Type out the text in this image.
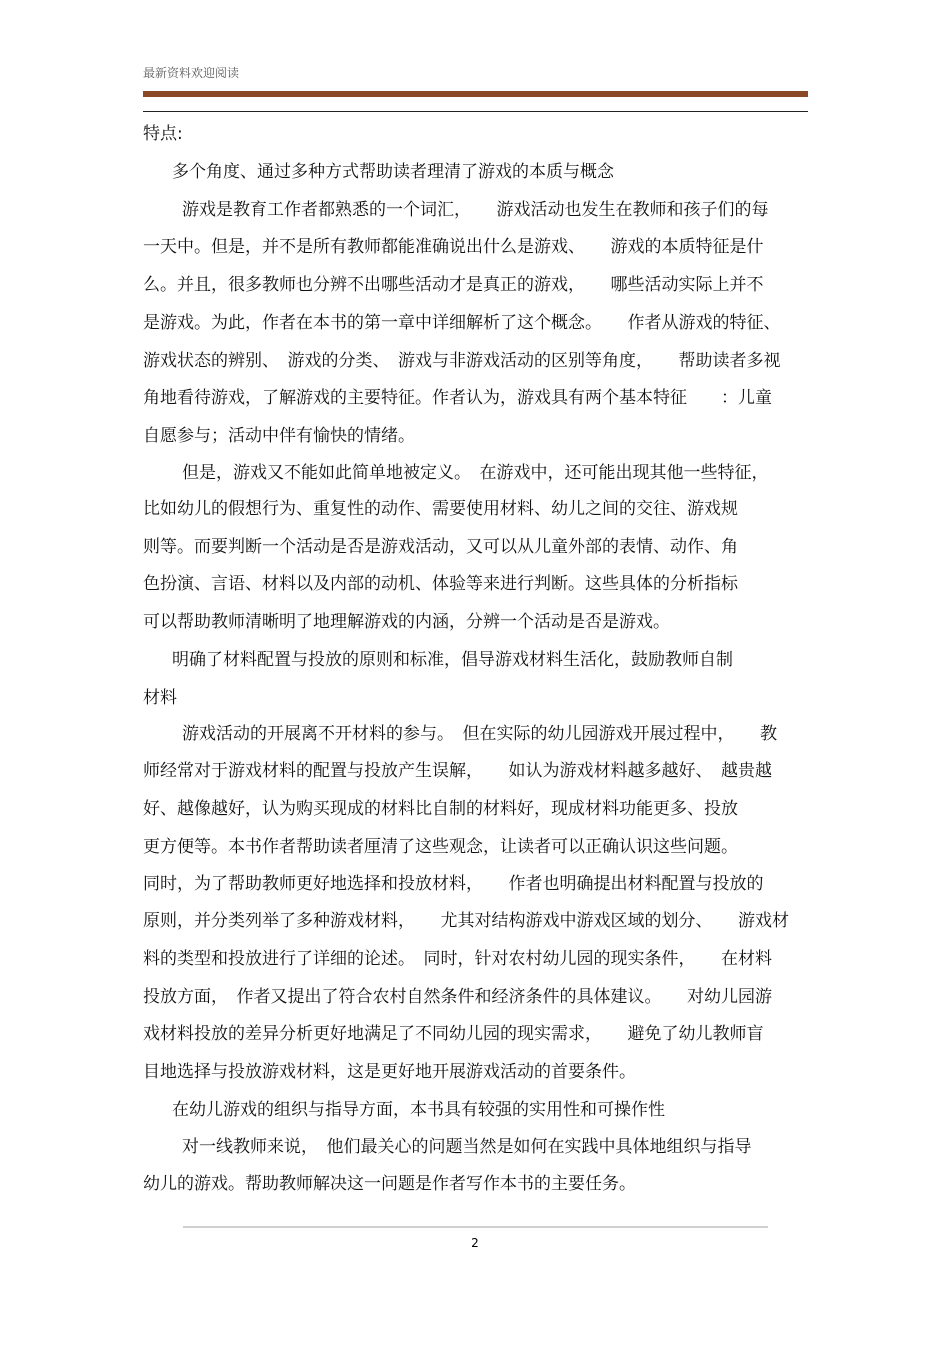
最新资料欢迎阅读
特点:
多个角度、通过多种方式帮助读者理清了游戏的本质与概念
游戏是教育工作者都熟悉的一个词汇，　　游戏活动也发生在教师和孩子们的每
一天中。但是，并不是所有教师都能准确说出什么是游戏、　　游戏的本质特征是什
么。并且，很多教师也分辨不出哪些活动才是真正的游戏，　　哪些活动实际上并不
是游戏。为此，作者在本书的第一章中详细解析了这个概念。　　作者从游戏的特征、
游戏状态的辨别、　游戏的分类、　游戏与非游戏活动的区别等角度，　　帮助读者多视
角地看待游戏，了解游戏的主要特征。作者认为，游戏具有两个基本特征　　：儿童
自愿参与；活动中伴有愉快的情绪。
但是，游戏又不能如此简单地被定义。　在游戏中，还可能出现其他一些特征，
比如幼儿的假想行为、重复性的动作、需要使用材料、幼儿之间的交往、游戏规
则等。而要判断一个活动是否是游戏活动，又可以从儿童外部的表情、动作、角
色扮演、言语、材料以及内部的动机、体验等来进行判断。这些具体的分析指标
可以帮助教师清晰明了地理解游戏的内涵，分辨一个活动是否是游戏。
明确了材料配置与投放的原则和标准，倡导游戏材料生活化，鼓励教师自制
材料
游戏活动的开展离不开材料的参与。　但在实际的幼儿园游戏开展过程中，　　教
师经常对于游戏材料的配置与投放产生误解，　　如认为游戏材料越多越好、　越贵越
好、越像越好，认为购买现成的材料比自制的材料好，现成材料功能更多、投放
更方便等。本书作者帮助读者厘清了这些观念，让读者可以正确认识这些问题。
同时，为了帮助教师更好地选择和投放材料，　　作者也明确提出材料配置与投放的
原则，并分类列举了多种游戏材料，　　尤其对结构游戏中游戏区域的划分、　　游戏材
料的类型和投放进行了详细的论述。　同时，针对农村幼儿园的现实条件，　　在材料
投放方面，　作者又提出了符合农村自然条件和经济条件的具体建议。　　对幼儿园游
戏材料投放的差异分析更好地满足了不同幼儿园的现实需求，　　避免了幼儿教师盲
目地选择与投放游戏材料，这是更好地开展游戏活动的首要条件。
在幼儿游戏的组织与指导方面，本书具有较强的实用性和可操作性
对一线教师来说，　他们最关心的问题当然是如何在实践中具体地组织与指导
幼儿的游戏。帮助教师解决这一问题是作者写作本书的主要任务。
2
